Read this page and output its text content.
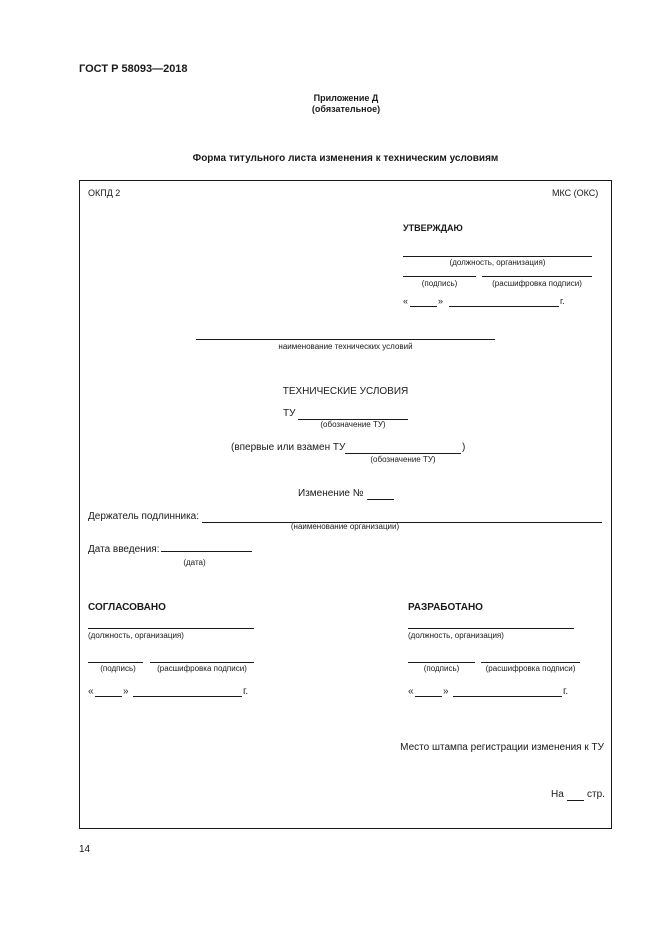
ГОСТ Р 58093—2018
Приложение Д
(обязательное)
Форма титульного листа изменения к техническим условиям
ОКПД 2	МКС (ОКС)
УТВЕРЖДАЮ
(должность, организация)
(подпись)	(расшифровка подписи)
«	»	г.
наименование технических условий
ТЕХНИЧЕСКИЕ УСЛОВИЯ
ТУ
(обозначение ТУ)
(впервые или взамен ТУ	)
(обозначение ТУ)
Изменение №
Держатель подлинника:
(наименование организации)
Дата введения:
(дата)
СОГЛАСОВАНО
(должность, организация)
(подпись)	(расшифровка подписи)
«	»	г.
РАЗРАБОТАНО
(должность, организация)
(подпись)	(расшифровка подписи)
«	»	г.
Место штампа регистрации изменения к ТУ
На стр.
14
